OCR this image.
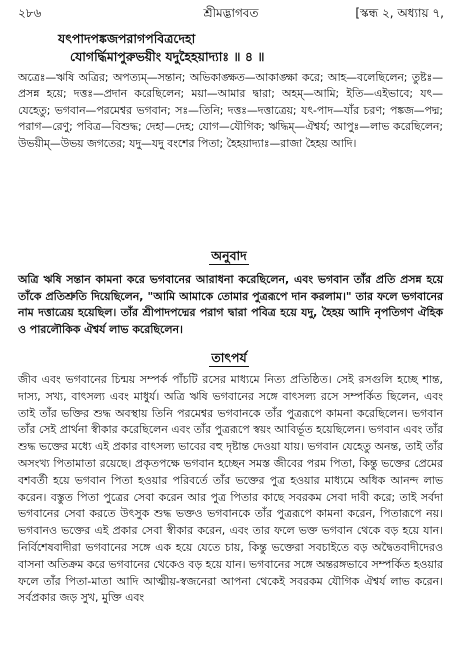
২৮৬	শ্রীমদ্ভাগবত	[স্কন্ধ ২, অধ্যায় ৭,
যৎপাদপঙ্কজপরাগপবিত্রদেহা
যোগৰ্দ্ধিমাপুরুভয়ীং যদুহৈহয়াদ্যাঃ ॥ ৪ ॥
অত্রেঃ—ঋষি অত্রির; অপত্যম্—সন্তান; অভিকাঙ্ক্ষত—আকাঙ্ক্ষা করে; আহ—বলেছিলেন; তুষ্টঃ—প্রসন্ন হয়ে; দত্তঃ—প্রদান করেছিলেন; ময়া—আমার দ্বারা; অহম্—আমি; ইতি—এইভাবে; যৎ—যেহেতু; ভগবান—পরমেশ্বর ভগবান; সঃ—তিনি; দত্তঃ—দত্তাত্রেয়; যৎ-পাদ—যাঁর চরণ; পঙ্কজ—পদ্ম; পরাগ—রেণু; পবিত্র—বিশুদ্ধ; দেহা—দেহ; যোগ—যৌগিক; ঋদ্ধিম্—ঐশ্বর্য; আপুঃ—লাভ করেছিলেন; উভয়ীম্—উভয় জগতের; যদু—যদু বংশের পিতা; হৈহয়াদ্যাঃ—রাজা হৈহয় আদি।
অনুবাদ
অত্রি ঋষি সন্তান কামনা করে ভগবানের আরাধনা করেছিলেন, এবং ভগবান তাঁর প্রতি প্রসন্ন হয়ে তাঁকে প্রতিশ্রুতি দিয়েছিলেন, "আমি আমাকে তোমার পুত্ররূপে দান করলাম।" তার ফলে ভগবানের নাম দত্তাত্রেয় হয়েছিল। তাঁর শ্রীপাদপদ্মের পরাগ দ্বারা পবিত্র হয়ে যদু, হৈহয় আদি নৃপতিগণ ঐহিক ও পারলৌকিক ঐশ্বর্য লাভ করেছিলেন।
তাৎপর্য
জীব এবং ভগবানের চিন্ময় সম্পর্ক পাঁচটি রসের মাধ্যমে নিত্য প্রতিষ্ঠিত। সেই রসগুলি হচ্ছে শান্ত, দাস্য, সখ্য, বাৎসল্য এবং মাধুর্য। অত্রি ঋষি ভগবানের সঙ্গে বাৎসল্য রসে সম্পর্কিত ছিলেন, এবং তাই তাঁর ভক্তির শুদ্ধ অবস্থায় তিনি পরমেশ্বর ভগবানকে তাঁর পুত্ররূপে কামনা করেছিলেন। ভগবান তাঁর সেই প্রার্থনা স্বীকার করেছিলেন এবং তাঁর পুত্ররূপে স্বয়ং আবির্ভূত হয়েছিলেন। ভগবান এবং তাঁর শুদ্ধ ভক্তের মধ্যে এই প্রকার বাৎসল্য ভাবের বহু দৃষ্টান্ত দেওয়া যায়। ভগবান যেহেতু অনন্ত, তাই তাঁর অসংখ্য পিতামাতা রয়েছে। প্রকৃতপক্ষে ভগবান হচ্ছেন সমস্ত জীবের পরম পিতা, কিন্তু ভক্তের প্রেমের বশবর্তী হয়ে ভগবান পিতা হওয়ার পরিবর্তে তাঁর ভক্তের পুত্র হওয়ার মাধ্যমে অধিক আনন্দ লাভ করেন। বস্তুত পিতা পুত্রের সেবা করেন আর পুত্র পিতার কাছে সবরকম সেবা দাবী করে; তাই সর্বদা ভগবানের সেবা করতে উৎসুক শুদ্ধ ভক্তও ভগবানকে তাঁর পুত্ররূপে কামনা করেন, পিতারূপে নয়। ভগবানও ভক্তের এই প্রকার সেবা স্বীকার করেন, এবং তার ফলে ভক্ত ভগবান থেকে বড় হয়ে যান। নির্বিশেষবাদীরা ভগবানের সঙ্গে এক হয়ে যেতে চায়, কিন্তু ভক্তেরা সবচাইতে বড় অদ্বৈতবাদীদেরও বাসনা অতিক্রম করে ভগবানের থেকেও বড় হয়ে যান। ভগবানের সঙ্গে অন্তরঙ্গভাবে সম্পর্কিত হওয়ার ফলে তাঁর পিতা-মাতা আদি আত্মীয়-স্বজনেরা আপনা থেকেই সবরকম যৌগিক ঐশ্বর্য লাভ করেন। সর্বপ্রকার জড় সুখ, মুক্তি এবং
